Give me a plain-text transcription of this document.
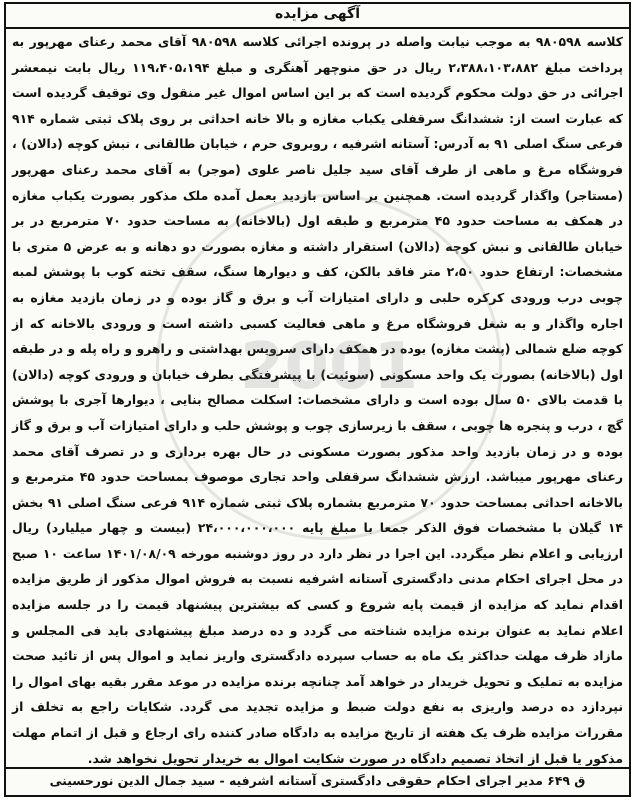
2001
آگهی مزایده

کلاسه ۹۸۰۵۹۸ به موجب نیابت واصله در پرونده اجرائی کلاسه ۹۸۰۵۹۸ آقای محمد رعنای مهرپور به پرداخت مبلغ ۲،۳۸۸،۱۰۳،۸۸۲ ریال در حق منوچهر آهنگری و مبلغ ۱۱۹،۴۰۵،۱۹۴ ریال بابت نیمعشر اجرائی در حق دولت محکوم گردیده است که بر این اساس اموال غیر منقول وی توقیف گردیده است که عبارت است از: ششدانگ سرقفلی یکباب مغازه و بالا خانه احداثی بر روی پلاک ثبتی شماره ۹۱۴ فرعی سنگ اصلی ۹۱ به آدرس: آستانه اشرفیه ، روبروی حرم ، خیابان طالقانی ، نبش کوچه (دالان) ، فروشگاه مرغ و ماهی از طرف آقای سید جلیل ناصر علوی (موجر) به آقای محمد رعنای مهرپور (مستاجر) واگذار گردیده است. همچنین بر اساس بازدید بعمل آمده ملک مذکور بصورت یکباب مغازه در همکف به مساحت حدود ۴۵ مترمربع و طبقه اول (بالاخانه) به مساحت حدود ۷۰ مترمربع در بر خیابان طالقانی و نبش کوچه (دالان) استقرار داشته و مغازه بصورت دو دهانه و به عرض ۵ متری با مشخصات: ارتفاع حدود ۲،۵۰ متر فاقد بالکن، کف و دیوارها سنگ، سقف تخته کوب با پوشش لمبه چوبی درب ورودی کرکره حلبی و دارای امتیازات آب و برق و گاز بوده و در زمان بازدید مغازه به اجاره واگذار و به شغل فروشگاه مرغ و ماهی فعالیت کسبی داشته است و ورودی بالاخانه که از کوچه ضلع شمالی (پشت مغازه) بوده در همکف دارای سرویس بهداشتی و راهرو و راه پله و در طبقه اول (بالاخانه) بصورت یک واحد مسکونی (سوئیت) با پیشرفتگی بطرف خیابان و ورودی کوچه (دالان) با قدمت بالای ۵۰ سال بوده است و دارای مشخصات: اسکلت مصالح بنایی ، دیوارها آجری با پوشش گچ ، درب و پنجره ها چوبی ، سقف با زیرسازی چوب و پوشش حلب و دارای امتیازات آب و برق و گاز بوده و در زمان بازدید واحد مذکور بصورت مسکونی در حال بهره برداری و در تصرف آقای محمد رعنای مهرپور میباشد. ارزش ششدانگ سرقفلی واحد تجاری موصوف بمساحت حدود ۴۵ مترمربع و بالاخانه احداثی بمساحت حدود ۷۰ مترمربع بشماره پلاک ثبتی شماره ۹۱۴ فرعی سنگ اصلی ۹۱ بخش ۱۴ گیلان با مشخصات فوق الذکر جمعا با مبلغ پایه ۲۴،۰۰۰،۰۰۰،۰۰۰ (بیست و چهار میلیارد) ریال ارزیابی و اعلام نظر میگردد. این اجرا در نظر دارد در روز دوشنبه مورخه ۱۴۰۱/۰۸/۰۹ ساعت ۱۰ صبح در محل اجرای احکام مدنی دادگستری آستانه اشرفیه نسبت به فروش اموال مذکور از طریق مزایده اقدام نماید که مزایده از قیمت پایه شروع و کسی که بیشترین پیشنهاد قیمت را در جلسه مزایده اعلام نماید به عنوان برنده مزایده شناخته می گردد و ده درصد مبلغ پیشنهادی باید فی المجلس و مازاد ظرف مهلت حداکثر یک ماه به حساب سپرده دادگستری واریز نماید و اموال پس از تائید صحت مزایده به تملیک و تحویل خریدار در خواهد آمد چنانچه برنده مزایده در موعد مقرر بقیه بهای اموال را نپردازد ده درصد واریزی به نفع دولت ضبط و مزایده تجدید می گردد. شکایات راجع به تخلف از مقررات مزایده ظرف یک هفته از تاریخ مزایده به دادگاه صادر کننده رای ارجاع و قبل از اتمام مهلت مذکور یا قبل از اتخاذ تصمیم دادگاه در صورت شکایت اموال به خریدار تحویل نخواهد شد.

ق ۶۴۹ مدیر اجرای احکام حقوقی دادگستری آستانه اشرفیه - سید جمال الدین نورحسینی
